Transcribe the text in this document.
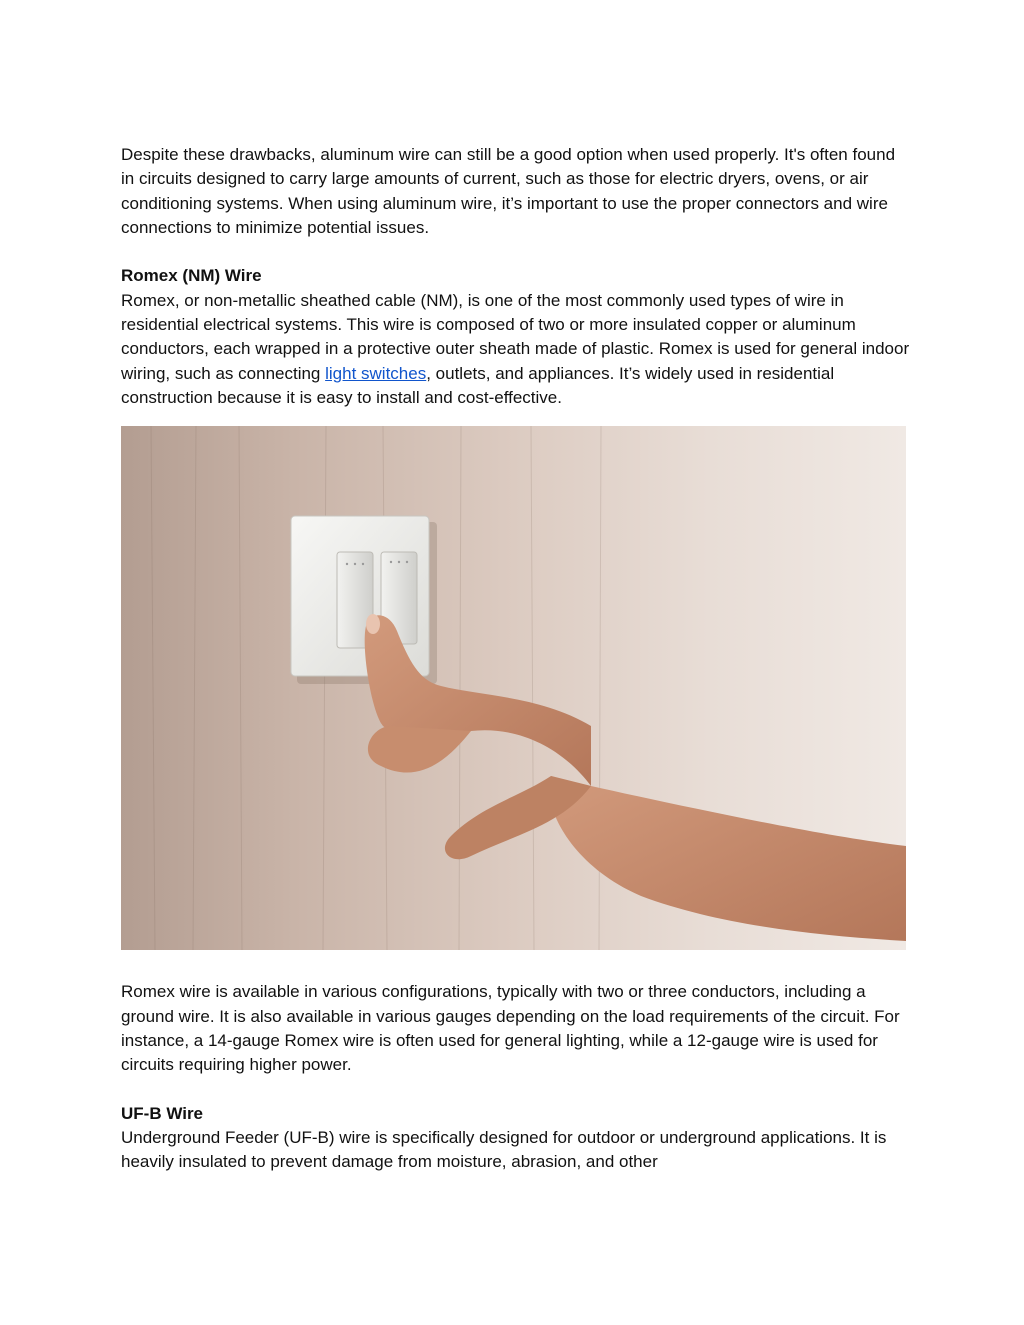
Despite these drawbacks, aluminum wire can still be a good option when used properly. It's often found in circuits designed to carry large amounts of current, such as those for electric dryers, ovens, or air conditioning systems. When using aluminum wire, it’s important to use the proper connectors and wire connections to minimize potential issues.

Romex (NM) Wire

Romex, or non-metallic sheathed cable (NM), is one of the most commonly used types of wire in residential electrical systems. This wire is composed of two or more insulated copper or aluminum conductors, each wrapped in a protective outer sheath made of plastic. Romex is used for general indoor wiring, such as connecting light switches, outlets, and appliances. It’s widely used in residential construction because it is easy to install and cost-effective.

Romex wire is available in various configurations, typically with two or three conductors, including a ground wire. It is also available in various gauges depending on the load requirements of the circuit. For instance, a 14-gauge Romex wire is often used for general lighting, while a 12-gauge wire is used for circuits requiring higher power.

UF-B Wire

Underground Feeder (UF-B) wire is specifically designed for outdoor or underground applications. It is heavily insulated to prevent damage from moisture, abrasion, and other
